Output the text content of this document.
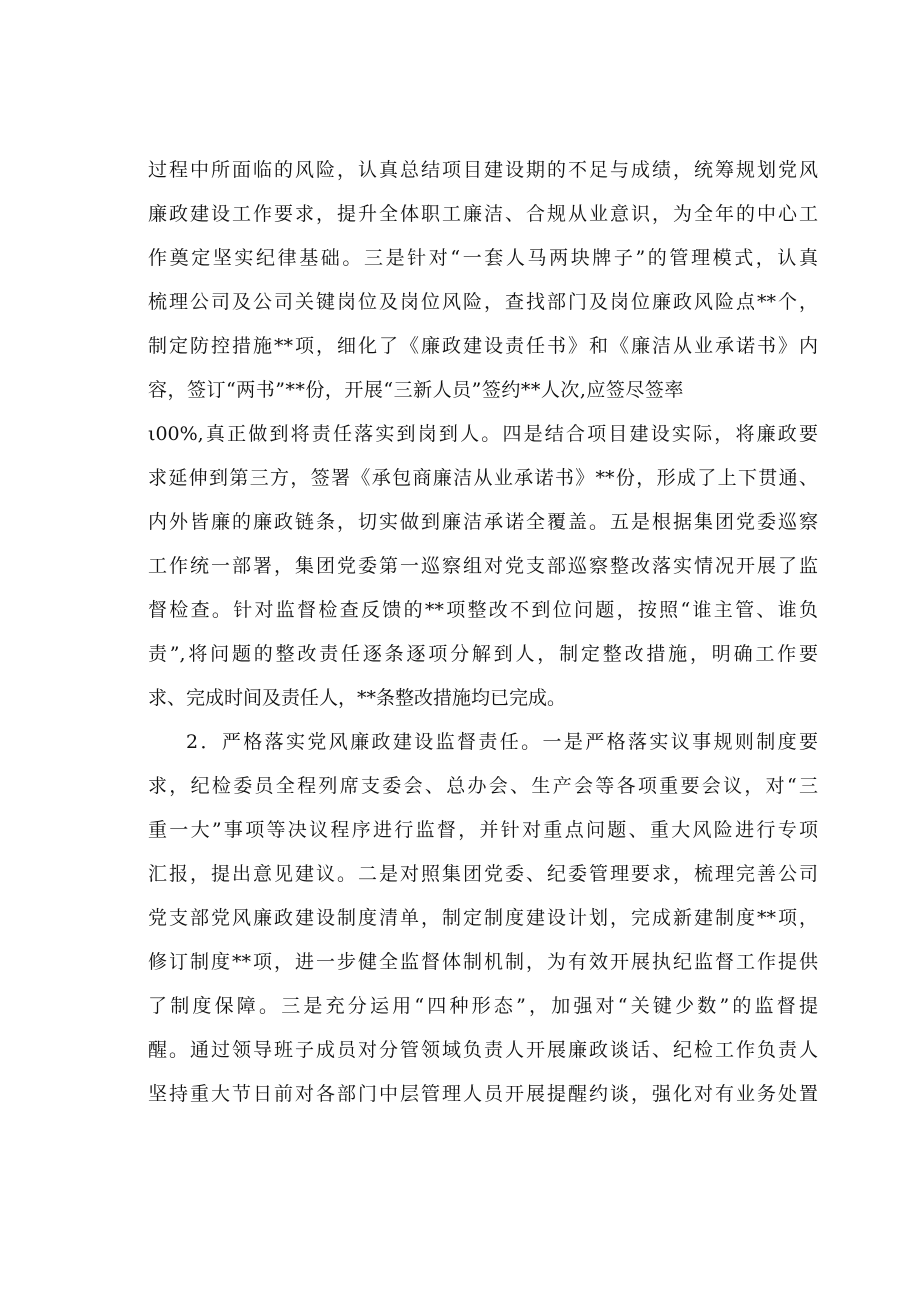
过程中所面临的风险，认真总结项目建设期的不足与成绩，统筹规划党风
廉政建设工作要求，提升全体职工廉洁、合规从业意识，为全年的中心工
作奠定坚实纪律基础。三是针对“一套人马两块牌子”的管理模式，认真
梳理公司及公司关键岗位及岗位风险，查找部门及岗位廉政风险点**个，
制定防控措施**项，细化了《廉政建设责任书》和《廉洁从业承诺书》内
容，签订“两书”**份，开展“三新人员”签约**人次,应签尽签率
ι00%,真正做到将责任落实到岗到人。四是结合项目建设实际，将廉政要
求延伸到第三方，签署《承包商廉洁从业承诺书》**份，形成了上下贯通、
内外皆廉的廉政链条，切实做到廉洁承诺全覆盖。五是根据集团党委巡察
工作统一部署，集团党委第一巡察组对党支部巡察整改落实情况开展了监
督检查。针对监督检查反馈的**项整改不到位问题，按照“谁主管、谁负
责”,将问题的整改责任逐条逐项分解到人，制定整改措施，明确工作要
求、完成时间及责任人，**条整改措施均已完成。
2．严格落实党风廉政建设监督责任。一是严格落实议事规则制度要
求，纪检委员全程列席支委会、总办会、生产会等各项重要会议，对“三
重一大”事项等决议程序进行监督，并针对重点问题、重大风险进行专项
汇报，提出意见建议。二是对照集团党委、纪委管理要求，梳理完善公司
党支部党风廉政建设制度清单，制定制度建设计划，完成新建制度**项，
修订制度**项，进一步健全监督体制机制，为有效开展执纪监督工作提供
了制度保障。三是充分运用“四种形态”，加强对“关键少数”的监督提
醒。通过领导班子成员对分管领域负责人开展廉政谈话、纪检工作负责人
坚持重大节日前对各部门中层管理人员开展提醒约谈，强化对有业务处置
